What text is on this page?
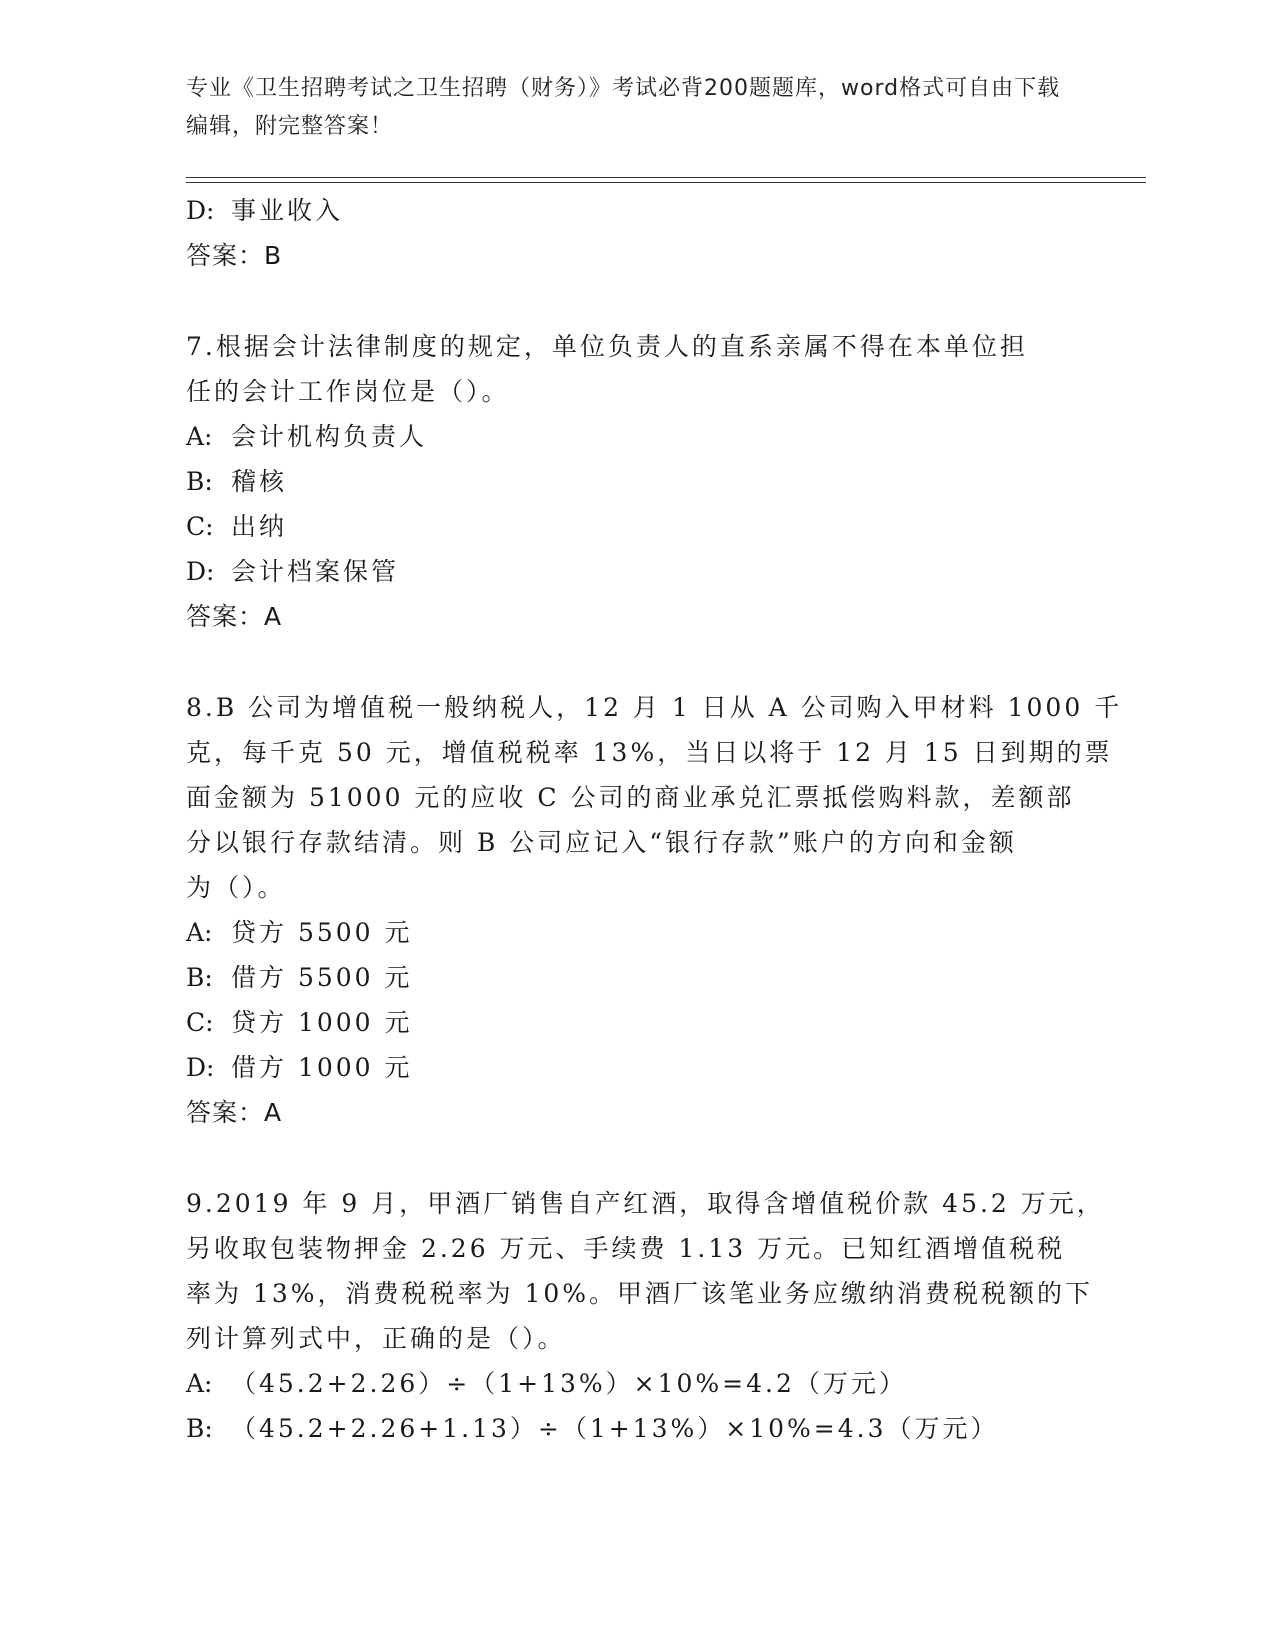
专业《卫生招聘考试之卫生招聘（财务）》考试必背200题题库，word格式可自由下载编辑，附完整答案！
D: 事业收入
答案：B
7.根据会计法律制度的规定，单位负责人的直系亲属不得在本单位担
任的会计工作岗位是（）。
A: 会计机构负责人
B: 稽核
C: 出纳
D: 会计档案保管
答案：A
8.B 公司为增值税一般纳税人，12 月 1 日从 A 公司购入甲材料 1000 千
克，每千克 50 元，增值税税率 13%，当日以将于 12 月 15 日到期的票
面金额为 51000 元的应收 C 公司的商业承兑汇票抵偿购料款，差额部
分以银行存款结清。则 B 公司应记入“银行存款”账户的方向和金额
为（）。
A: 贷方 5500 元
B: 借方 5500 元
C: 贷方 1000 元
D: 借方 1000 元
答案：A
9.2019 年 9 月，甲酒厂销售自产红酒，取得含增值税价款 45.2 万元，
另收取包装物押金 2.26 万元、手续费 1.13 万元。已知红酒增值税税
率为 13%，消费税税率为 10%。甲酒厂该笔业务应缴纳消费税税额的下
列计算列式中，正确的是（）。
A: （45.2+2.26）÷（1+13%）×10%=4.2（万元）
B: （45.2+2.26+1.13）÷（1+13%）×10%=4.3（万元）
